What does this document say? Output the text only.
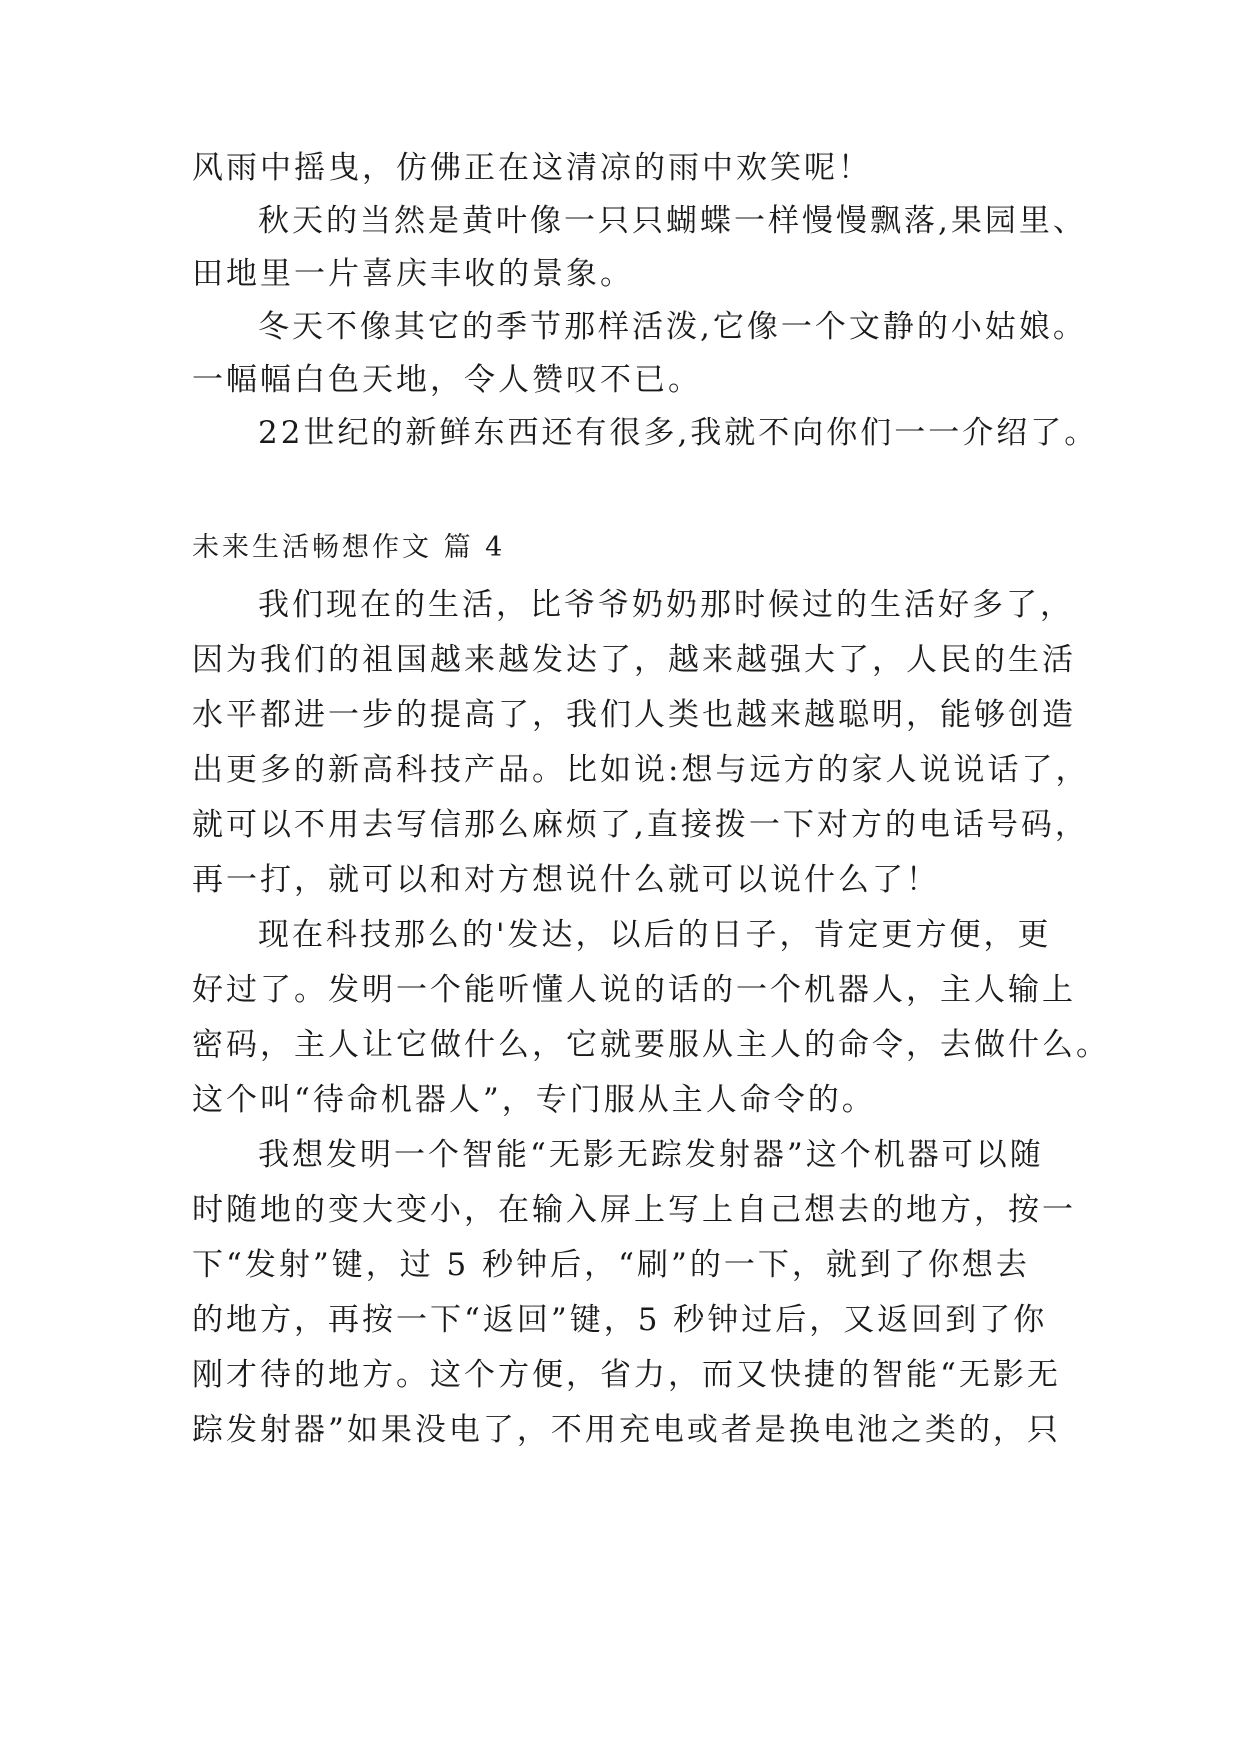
风雨中摇曳，仿佛正在这清凉的雨中欢笑呢！
秋天的当然是黄叶像一只只蝴蝶一样慢慢飘落,果园里、
田地里一片喜庆丰收的景象。
冬天不像其它的季节那样活泼,它像一个文静的小姑娘。
一幅幅白色天地，令人赞叹不已。
22世纪的新鲜东西还有很多,我就不向你们一一介绍了。
未来生活畅想作文 篇 4
我们现在的生活，比爷爷奶奶那时候过的生活好多了，
因为我们的祖国越来越发达了，越来越强大了，人民的生活
水平都进一步的提高了，我们人类也越来越聪明，能够创造
出更多的新高科技产品。比如说:想与远方的家人说说话了，
就可以不用去写信那么麻烦了,直接拨一下对方的电话号码，
再一打，就可以和对方想说什么就可以说什么了！
现在科技那么的'发达，以后的日子，肯定更方便，更
好过了。发明一个能听懂人说的话的一个机器人，主人输上
密码，主人让它做什么，它就要服从主人的命令，去做什么。
这个叫“待命机器人”，专门服从主人命令的。
我想发明一个智能“无影无踪发射器”这个机器可以随
时随地的变大变小，在输入屏上写上自己想去的地方，按一
下“发射”键，过 5 秒钟后，“刷”的一下，就到了你想去
的地方，再按一下“返回”键，5 秒钟过后，又返回到了你
刚才待的地方。这个方便，省力，而又快捷的智能“无影无
踪发射器”如果没电了，不用充电或者是换电池之类的，只
